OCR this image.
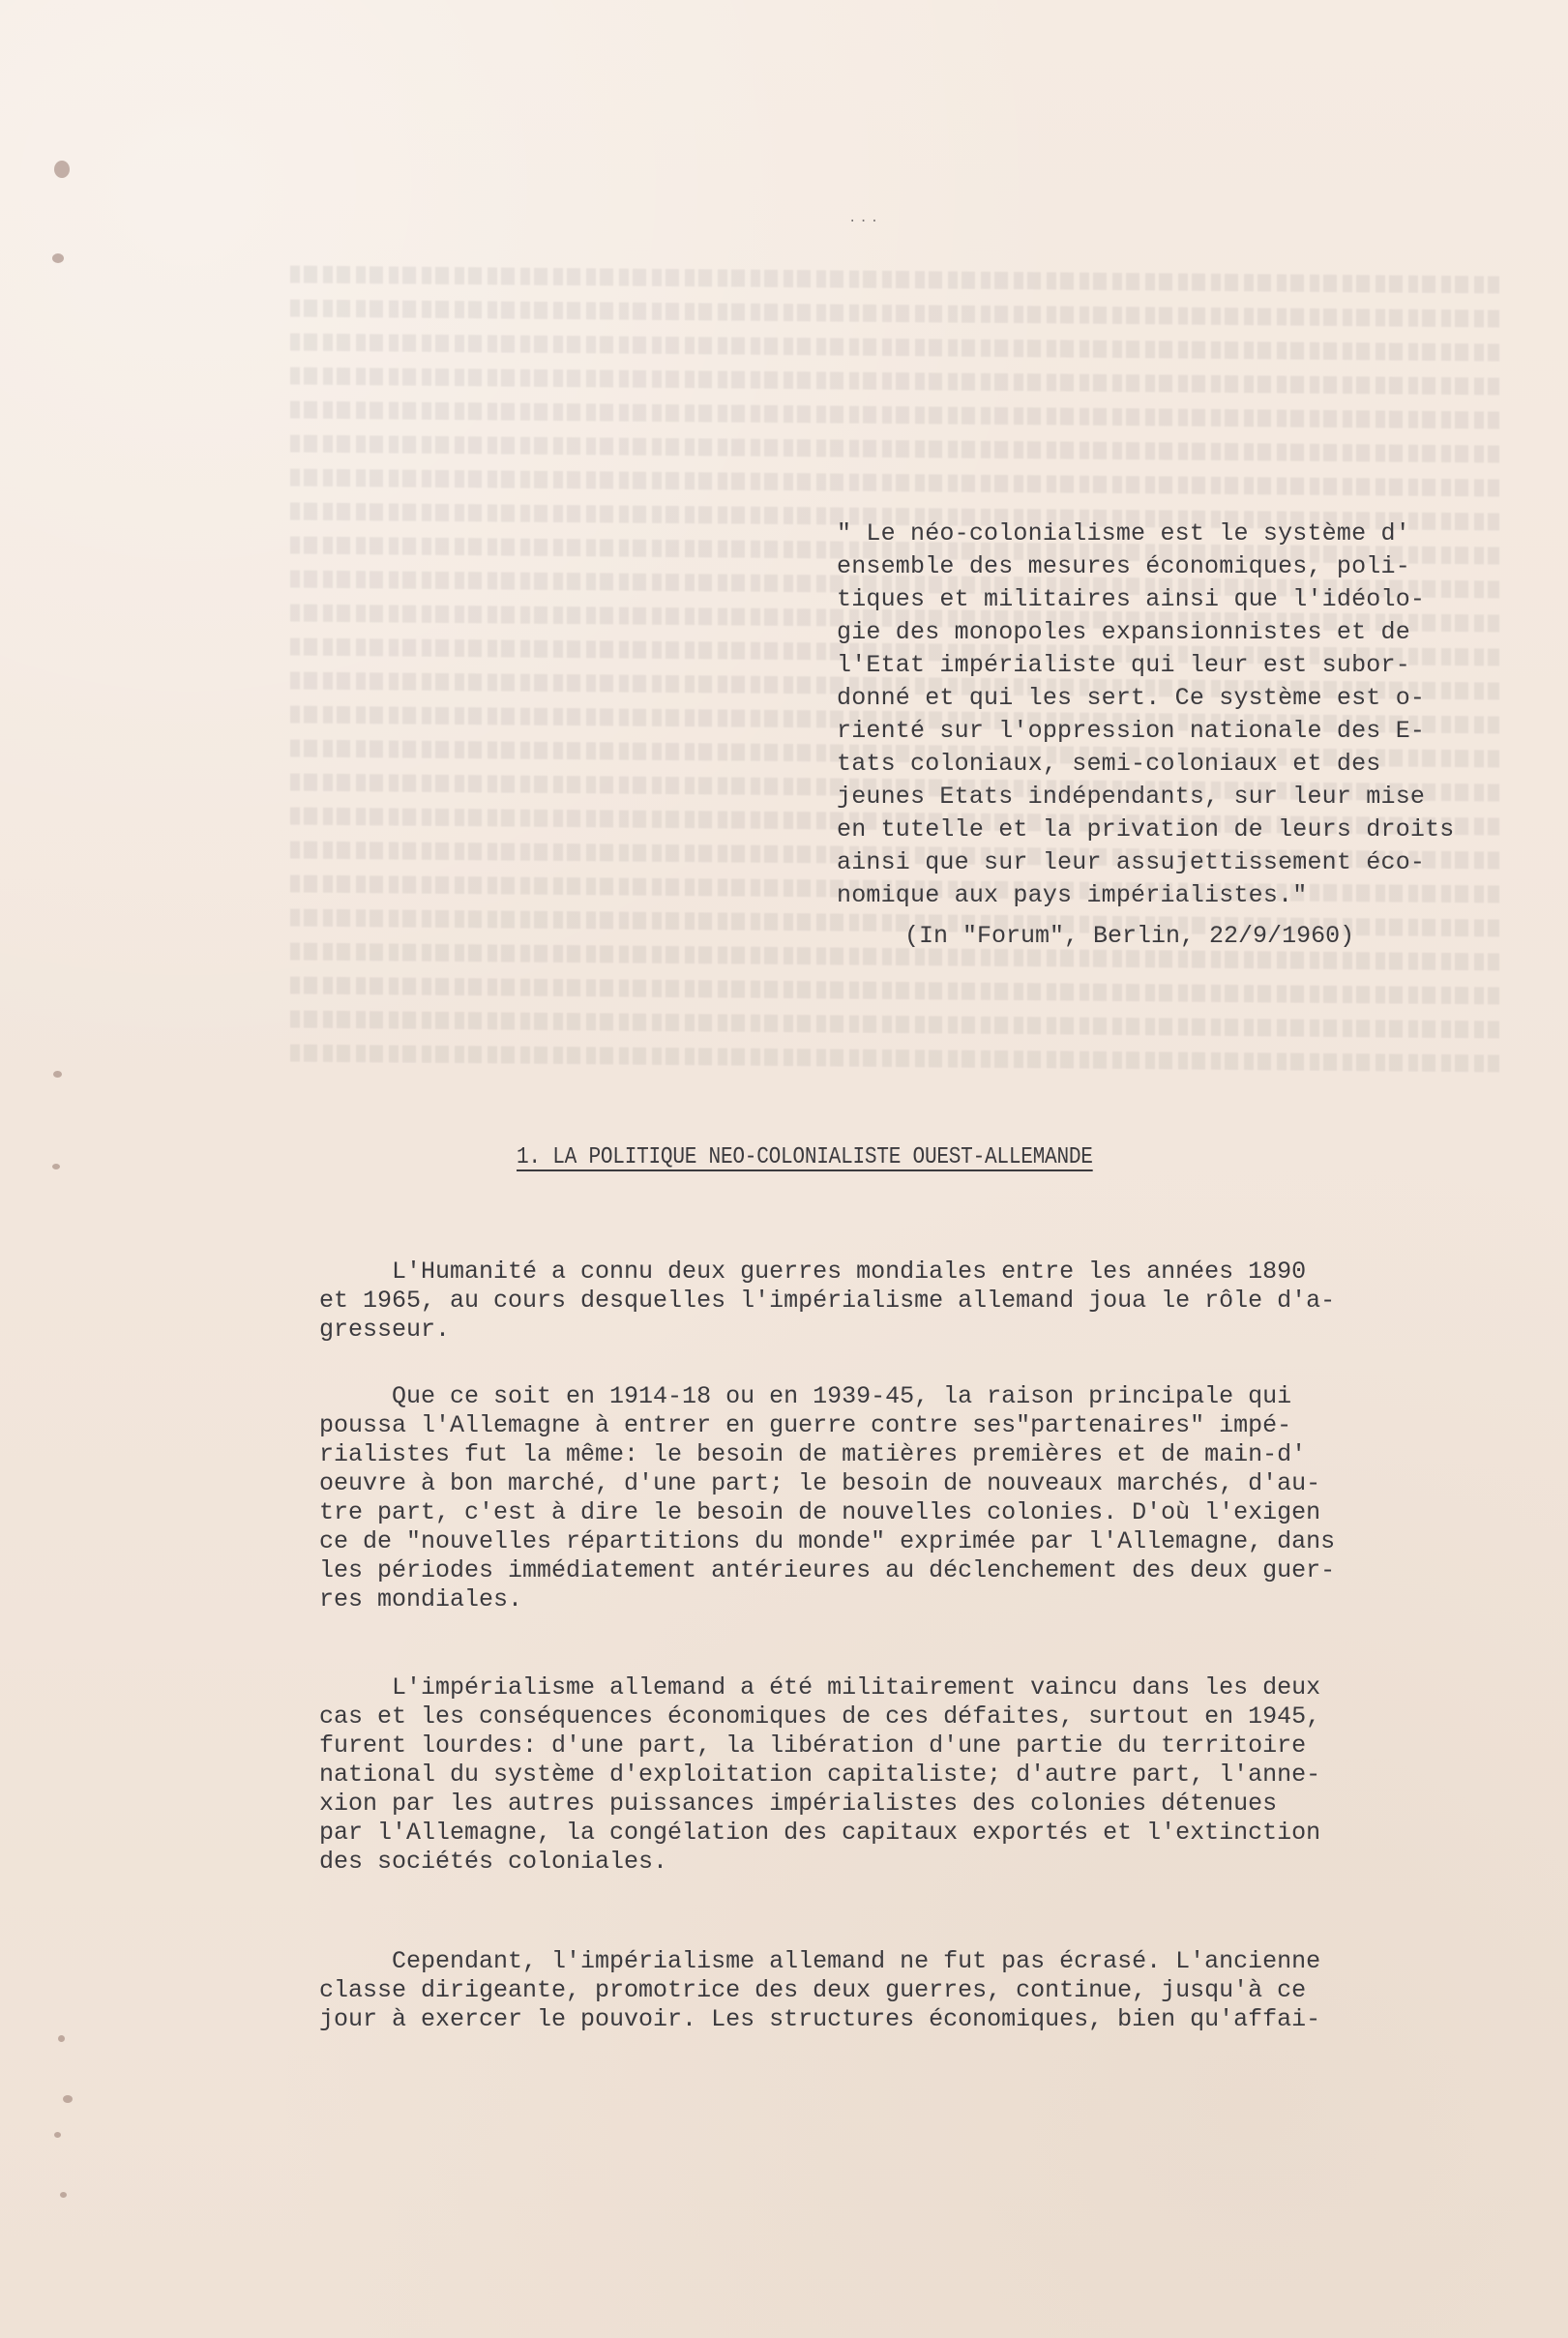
...
" Le néo-colonialisme est le système d'
ensemble des mesures économiques, poli-
tiques et militaires ainsi que l'idéolo-
gie des monopoles expansionnistes et de
l'Etat impérialiste qui leur est subor-
donné et qui les sert. Ce système est o-
rienté sur l'oppression nationale des E-
tats coloniaux, semi-coloniaux et des
jeunes Etats indépendants, sur leur mise
en tutelle et la privation de leurs droits
ainsi que sur leur assujettissement éco-
nomique aux pays impérialistes."
(In "Forum", Berlin, 22/9/1960)
1. LA POLITIQUE NEO-COLONIALISTE OUEST-ALLEMANDE
L'Humanité a connu deux guerres mondiales entre les années 1890
et 1965, au cours desquelles l'impérialisme allemand joua le rôle d'a-
gresseur.
Que ce soit en 1914-18 ou en 1939-45, la raison principale qui
poussa l'Allemagne à entrer en guerre contre ses"partenaires" impé-
rialistes fut la même: le besoin de matières premières et de main-d'
oeuvre à bon marché, d'une part; le besoin de nouveaux marchés, d'au-
tre part, c'est à dire le besoin de nouvelles colonies. D'où l'exigen
ce de "nouvelles répartitions du monde" exprimée par l'Allemagne, dans
les périodes immédiatement antérieures au déclenchement des deux guer-
res mondiales.
L'impérialisme allemand a été militairement vaincu dans les deux
cas et les conséquences économiques de ces défaites, surtout en 1945,
furent lourdes: d'une part, la libération d'une partie du territoire
national du système d'exploitation capitaliste; d'autre part, l'anne-
xion par les autres puissances impérialistes des colonies détenues
par l'Allemagne, la congélation des capitaux exportés et l'extinction
des sociétés coloniales.
Cependant, l'impérialisme allemand ne fut pas écrasé. L'ancienne
classe dirigeante, promotrice des deux guerres, continue, jusqu'à ce
jour à exercer le pouvoir. Les structures économiques, bien qu'affai-
